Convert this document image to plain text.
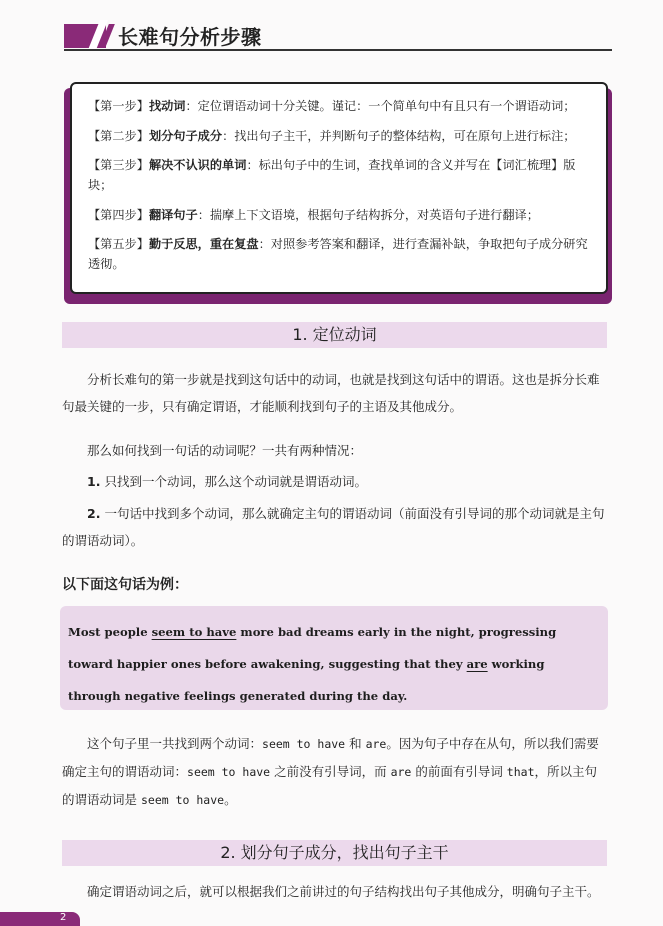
长难句分析步骤
【第一步】找动词：定位谓语动词十分关键。谨记：一个简单句中有且只有一个谓语动词；
【第二步】划分句子成分：找出句子主干，并判断句子的整体结构，可在原句上进行标注；
【第三步】解决不认识的单词：标出句子中的生词，查找单词的含义并写在【词汇梳理】版块；
【第四步】翻译句子：揣摩上下文语境，根据句子结构拆分，对英语句子进行翻译；
【第五步】勤于反思，重在复盘：对照参考答案和翻译，进行查漏补缺，争取把句子成分研究透彻。
1. 定位动词
分析长难句的第一步就是找到这句话中的动词，也就是找到这句话中的谓语。这也是拆分长难句最关键的一步，只有确定谓语，才能顺利找到句子的主语及其他成分。
那么如何找到一句话的动词呢？一共有两种情况：
1. 只找到一个动词，那么这个动词就是谓语动词。
2. 一句话中找到多个动词，那么就确定主句的谓语动词（前面没有引导词的那个动词就是主句的谓语动词）。
以下面这句话为例：
Most people seem to have more bad dreams early in the night, progressing toward happier ones before awakening, suggesting that they are working through negative feelings generated during the day.
这个句子里一共找到两个动词：seem to have 和 are。因为句子中存在从句，所以我们需要确定主句的谓语动词：seem to have 之前没有引导词，而 are 的前面有引导词 that，所以主句的谓语动词是 seem to have。
2. 划分句子成分，找出句子主干
确定谓语动词之后，就可以根据我们之前讲过的句子结构找出句子其他成分，明确句子主干。
2
